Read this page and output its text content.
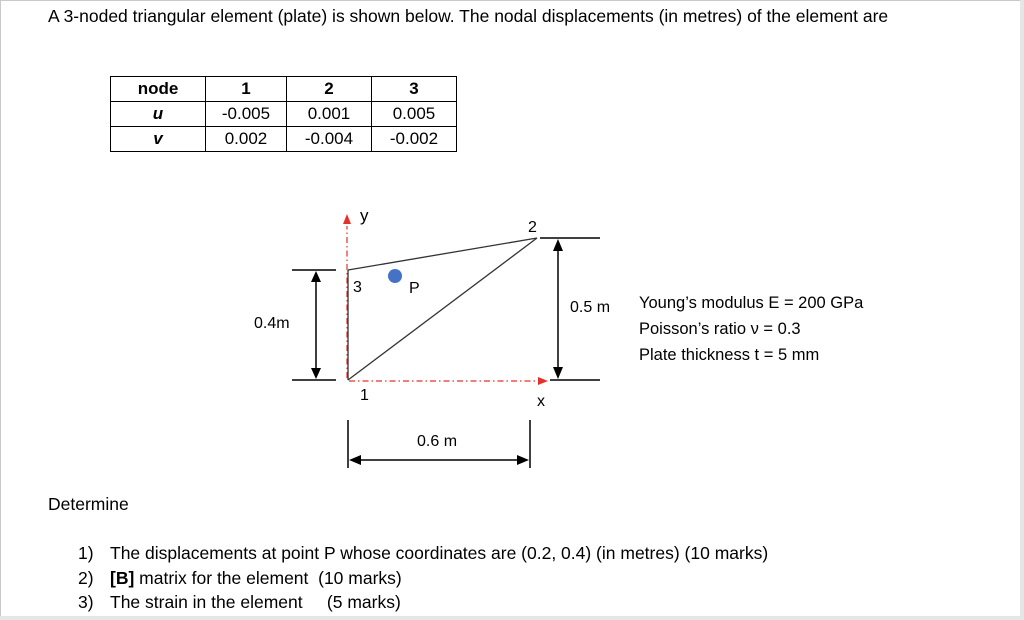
A 3-noded triangular element (plate) is shown below. The nodal displacements (in metres) of the element are
node	1	2	3
u	-0.005	0.001	0.005
v	0.002	-0.004	-0.002
y
x
1
2
3	P
0.4m
0.5 m
0.6 m
Young’s modulus E = 200 GPa
Poisson’s ratio ν = 0.3
Plate thickness t = 5 mm
Determine
1) The displacements at point P whose coordinates are (0.2, 0.4) (in metres) (10 marks)
2) [B] matrix for the element  (10 marks)
3) The strain in the element     (5 marks)
